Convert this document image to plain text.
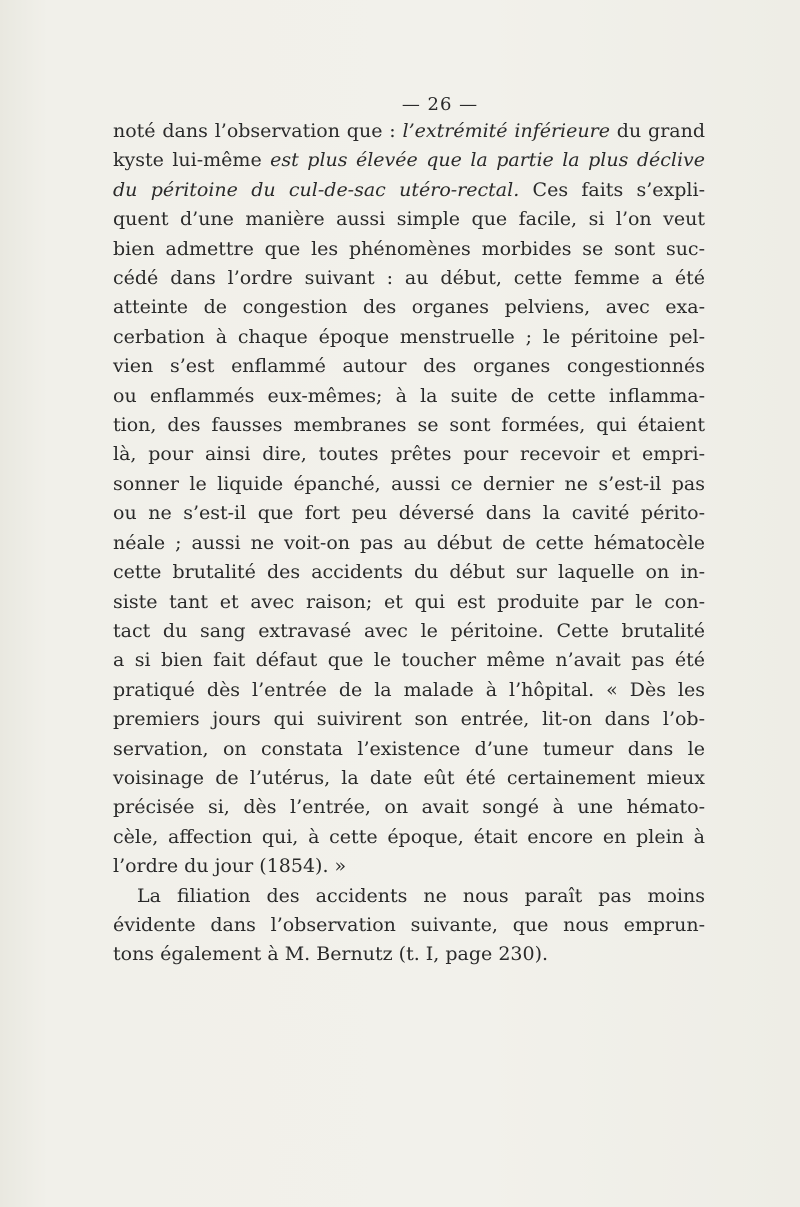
— 26 —
noté dans l’observation que : l’extrémité inférieure du grand
kyste lui-même est plus élevée que la partie la plus déclive
du péritoine du cul-de-sac utéro-rectal. Ces faits s’expli-
quent d’une manière aussi simple que facile, si l’on veut
bien admettre que les phénomènes morbides se sont suc-
cédé dans l’ordre suivant : au début, cette femme a été
atteinte de congestion des organes pelviens, avec exa-
cerbation à chaque époque menstruelle ; le péritoine pel-
vien s’est enflammé autour des organes congestionnés
ou enflammés eux-mêmes; à la suite de cette inflamma-
tion, des fausses membranes se sont formées, qui étaient
là, pour ainsi dire, toutes prêtes pour recevoir et empri-
sonner le liquide épanché, aussi ce dernier ne s’est-il pas
ou ne s’est-il que fort peu déversé dans la cavité périto-
néale ; aussi ne voit-on pas au début de cette hématocèle
cette brutalité des accidents du début sur laquelle on in-
siste tant et avec raison; et qui est produite par le con-
tact du sang extravasé avec le péritoine. Cette brutalité
a si bien fait défaut que le toucher même n’avait pas été
pratiqué dès l’entrée de la malade à l’hôpital. « Dès les
premiers jours qui suivirent son entrée, lit-on dans l’ob-
servation, on constata l’existence d’une tumeur dans le
voisinage de l’utérus, la date eût été certainement mieux
précisée si, dès l’entrée, on avait songé à une hémato-
cèle, affection qui, à cette époque, était encore en plein à
l’ordre du jour (1854). »
La filiation des accidents ne nous paraît pas moins
évidente dans l’observation suivante, que nous emprun-
tons également à M. Bernutz (t. I, page 230).
